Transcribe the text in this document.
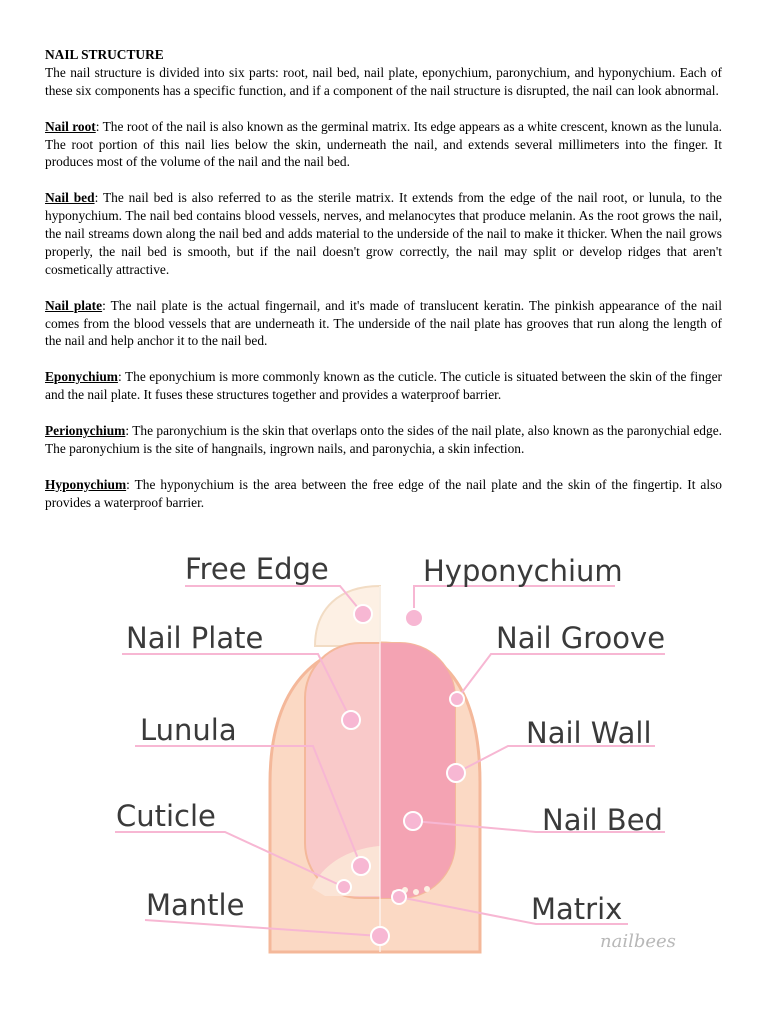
NAIL STRUCTURE

The nail structure is divided into six parts: root, nail bed, nail plate, eponychium, paronychium, and hyponychium. Each of these six components has a specific function, and if a component of the nail structure is disrupted, the nail can look abnormal.

Nail root: The root of the nail is also known as the germinal matrix. Its edge appears as a white crescent, known as the lunula. The root portion of this nail lies below the skin, underneath the nail, and extends several millimeters into the finger. It produces most of the volume of the nail and the nail bed.

Nail bed: The nail bed is also referred to as the sterile matrix. It extends from the edge of the nail root, or lunula, to the hyponychium. The nail bed contains blood vessels, nerves, and melanocytes that produce melanin. As the root grows the nail, the nail streams down along the nail bed and adds material to the underside of the nail to make it thicker. When the nail grows properly, the nail bed is smooth, but if the nail doesn't grow correctly, the nail may split or develop ridges that aren't cosmetically attractive.

Nail plate: The nail plate is the actual fingernail, and it's made of translucent keratin. The pinkish appearance of the nail comes from the blood vessels that are underneath it. The underside of the nail plate has grooves that run along the length of the nail and help anchor it to the nail bed.

Eponychium: The eponychium is more commonly known as the cuticle. The cuticle is situated between the skin of the finger and the nail plate. It fuses these structures together and provides a waterproof barrier.

Perionychium: The paronychium is the skin that overlaps onto the sides of the nail plate, also known as the paronychial edge. The paronychium is the site of hangnails, ingrown nails, and paronychia, a skin infection.

Hyponychium: The hyponychium is the area between the free edge of the nail plate and the skin of the fingertip. It also provides a waterproof barrier.

Free Edge	Hyponychium
Nail Plate	Nail Groove
Lunula	Nail Wall
Cuticle	Nail Bed
Mantle	Matrix
nailbees
